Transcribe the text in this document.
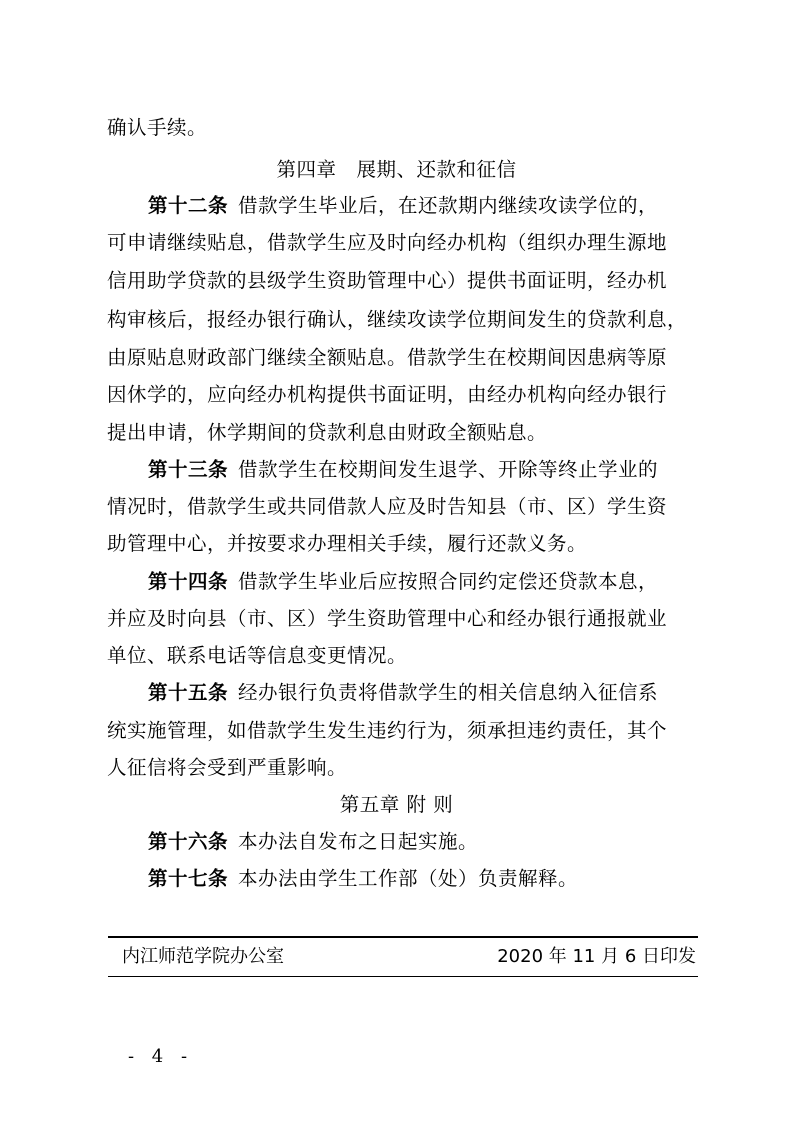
确认手续。
第四章　展期、还款和征信
第十二条 借款学生毕业后，在还款期内继续攻读学位的，
可申请继续贴息，借款学生应及时向经办机构（组织办理生源地
信用助学贷款的县级学生资助管理中心）提供书面证明，经办机
构审核后，报经办银行确认，继续攻读学位期间发生的贷款利息，
由原贴息财政部门继续全额贴息。借款学生在校期间因患病等原
因休学的，应向经办机构提供书面证明，由经办机构向经办银行
提出申请，休学期间的贷款利息由财政全额贴息。
第十三条 借款学生在校期间发生退学、开除等终止学业的
情况时，借款学生或共同借款人应及时告知县（市、区）学生资
助管理中心，并按要求办理相关手续，履行还款义务。
第十四条 借款学生毕业后应按照合同约定偿还贷款本息，
并应及时向县（市、区）学生资助管理中心和经办银行通报就业
单位、联系电话等信息变更情况。
第十五条 经办银行负责将借款学生的相关信息纳入征信系
统实施管理，如借款学生发生违约行为，须承担违约责任，其个
人征信将会受到严重影响。
第五章 附 则
第十六条 本办法自发布之日起实施。
第十七条 本办法由学生工作部（处）负责解释。
内江师范学院办公室	2020 年 11 月 6 日印发
- 4 -
